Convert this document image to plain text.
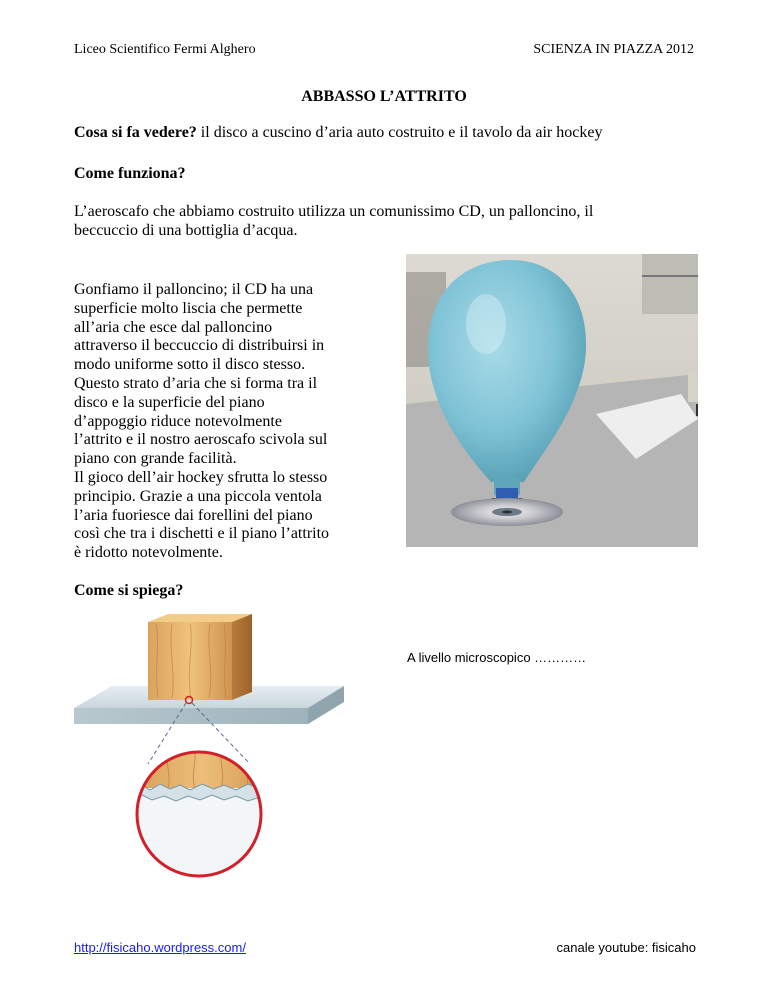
Liceo Scientifico Fermi Alghero	SCIENZA IN PIAZZA 2012
ABBASSO L’ATTRITO
Cosa si fa vedere? il disco a cuscino d’aria auto costruito e il tavolo da air hockey
Come funziona?
L’aeroscafo che abbiamo costruito utilizza un comunissimo CD, un palloncino, il
beccuccio di una bottiglia d’acqua.
Gonfiamo il palloncino; il CD ha una
superficie molto liscia che permette
all’aria che esce dal palloncino
attraverso il beccuccio di distribuirsi in
modo uniforme sotto il disco stesso.
Questo strato d’aria che si forma tra il
disco e la superficie del piano
d’appoggio riduce notevolmente
l’attrito e il nostro aeroscafo scivola sul
piano con grande facilità.
Il gioco dell’air hockey sfrutta lo stesso
principio. Grazie a una piccola ventola
l’aria fuoriesce dai forellini del piano
così che tra i dischetti e il piano l’attrito
è ridotto notevolmente.
Come si spiega?
A livello microscopico …………
http://fisicaho.wordpress.com/	canale youtube: fisicaho
